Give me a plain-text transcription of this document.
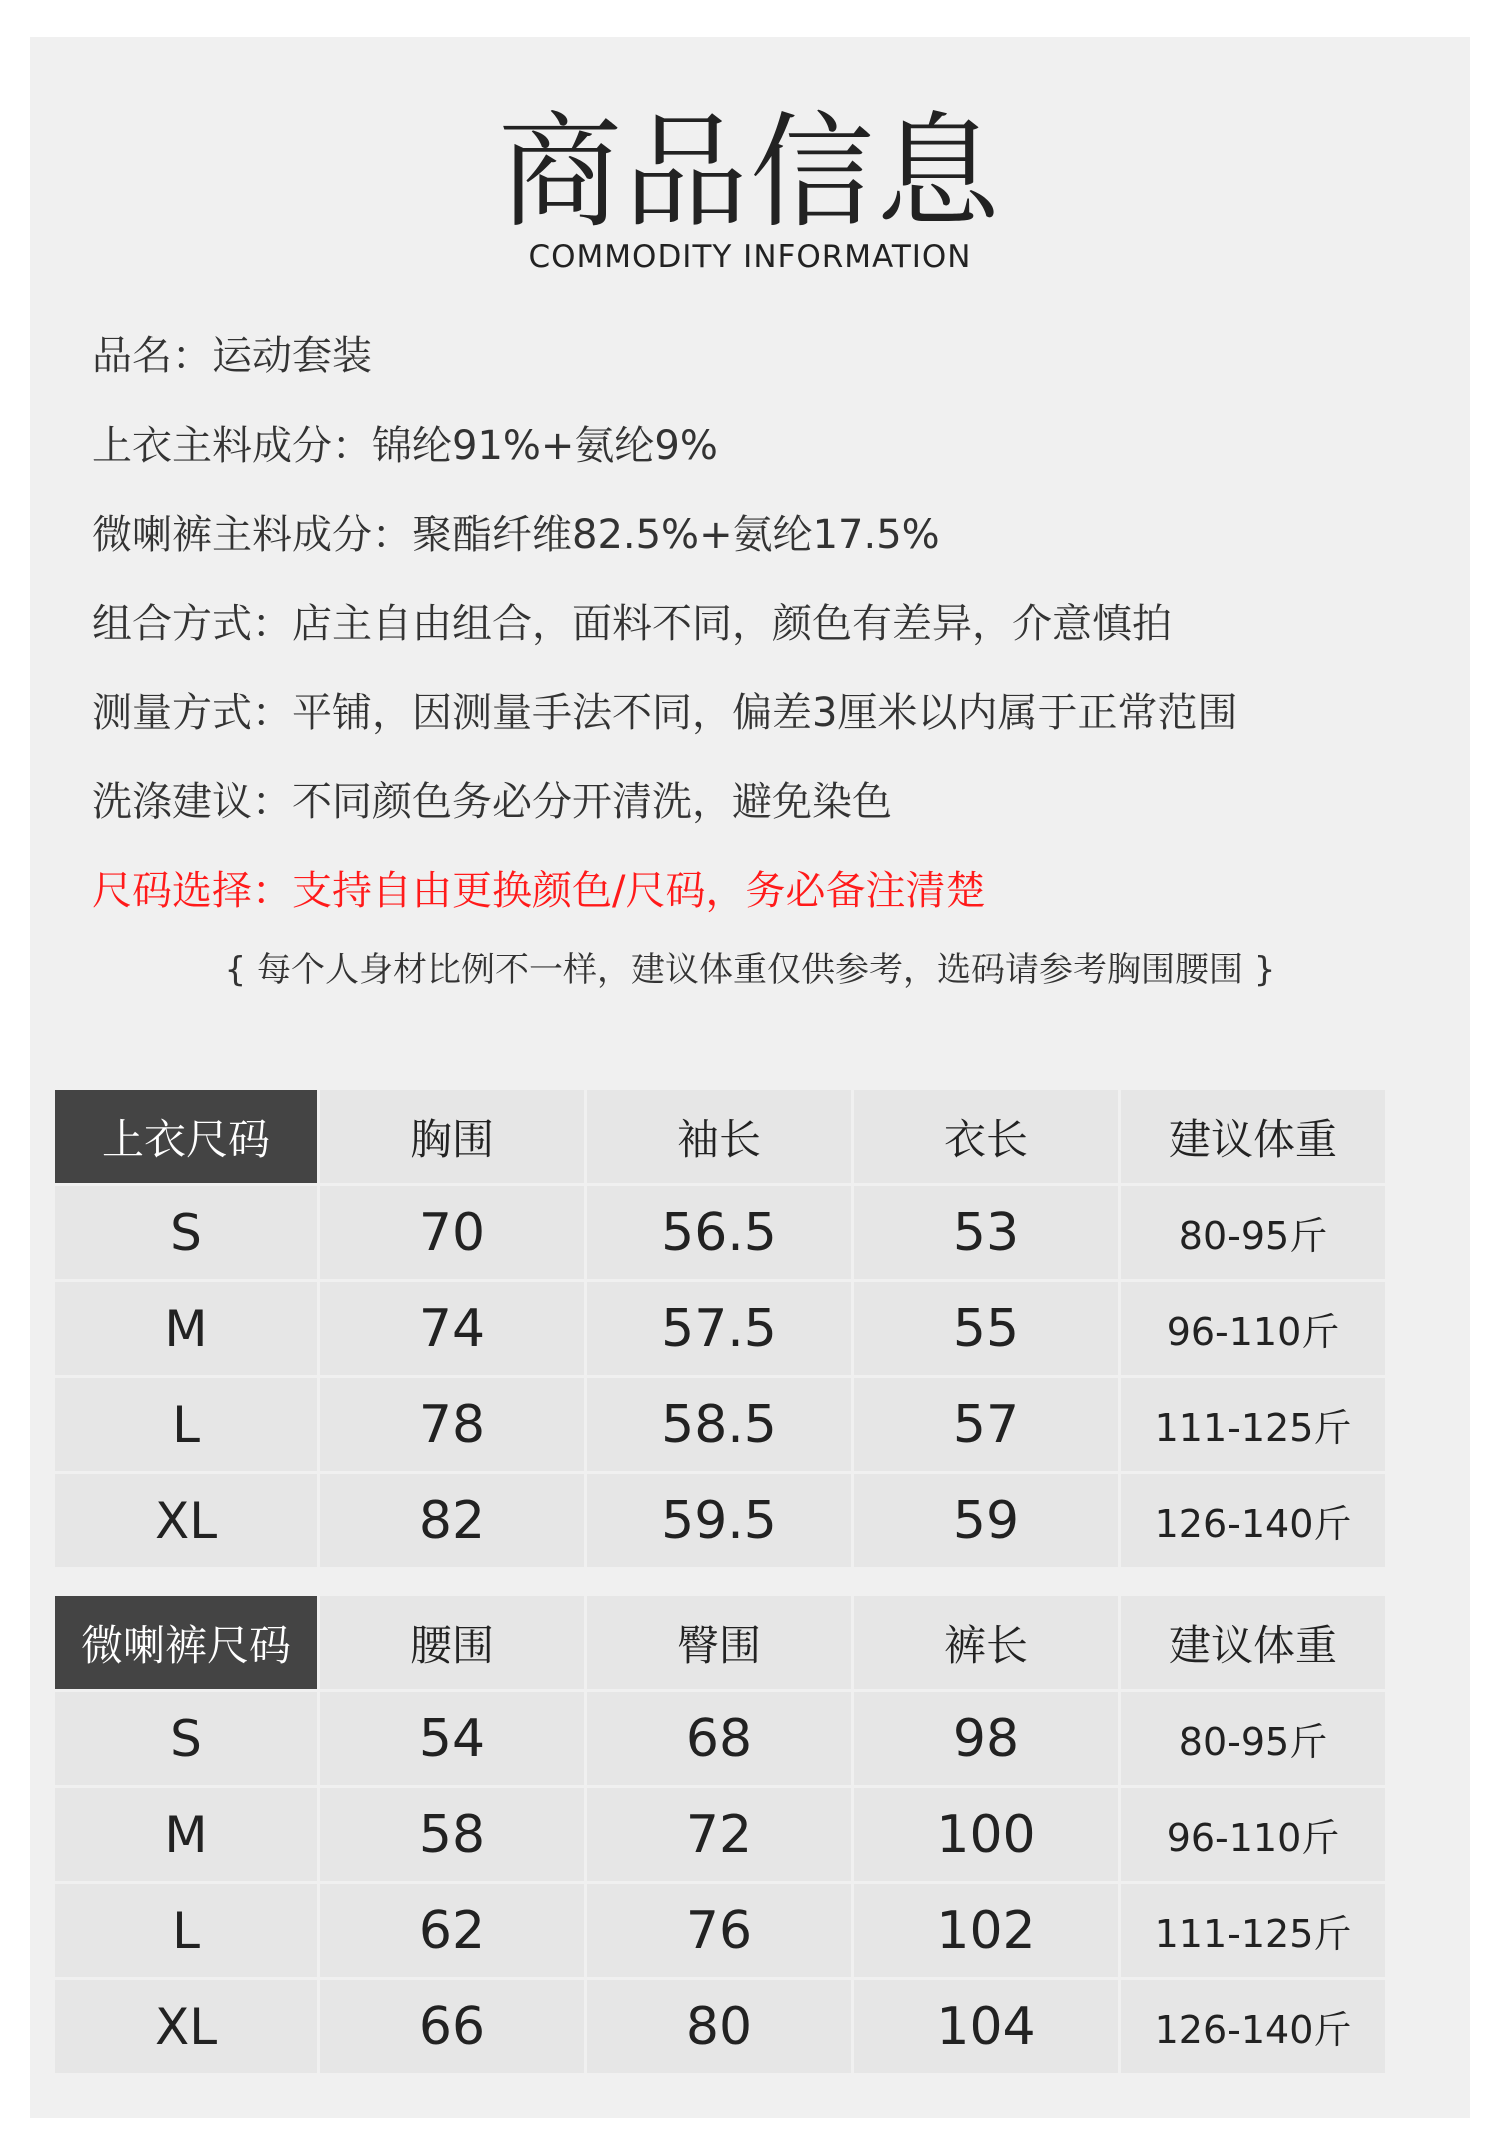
商品信息
COMMODITY INFORMATION
品名：运动套装
上衣主料成分：锦纶91%+氨纶9%
微喇裤主料成分：聚酯纤维82.5%+氨纶17.5%
组合方式：店主自由组合，面料不同，颜色有差异，介意慎拍
测量方式：平铺，因测量手法不同，偏差3厘米以内属于正常范围
洗涤建议：不同颜色务必分开清洗，避免染色
尺码选择：支持自由更换颜色/尺码，务必备注清楚
{ 每个人身材比例不一样，建议体重仅供参考，选码请参考胸围腰围 }
上衣尺码	胸围	袖长	衣长	建议体重
S	70	56.5	53	80-95斤
M	74	57.5	55	96-110斤
L	78	58.5	57	111-125斤
XL	82	59.5	59	126-140斤
微喇裤尺码	腰围	臀围	裤长	建议体重
S	54	68	98	80-95斤
M	58	72	100	96-110斤
L	62	76	102	111-125斤
XL	66	80	104	126-140斤
